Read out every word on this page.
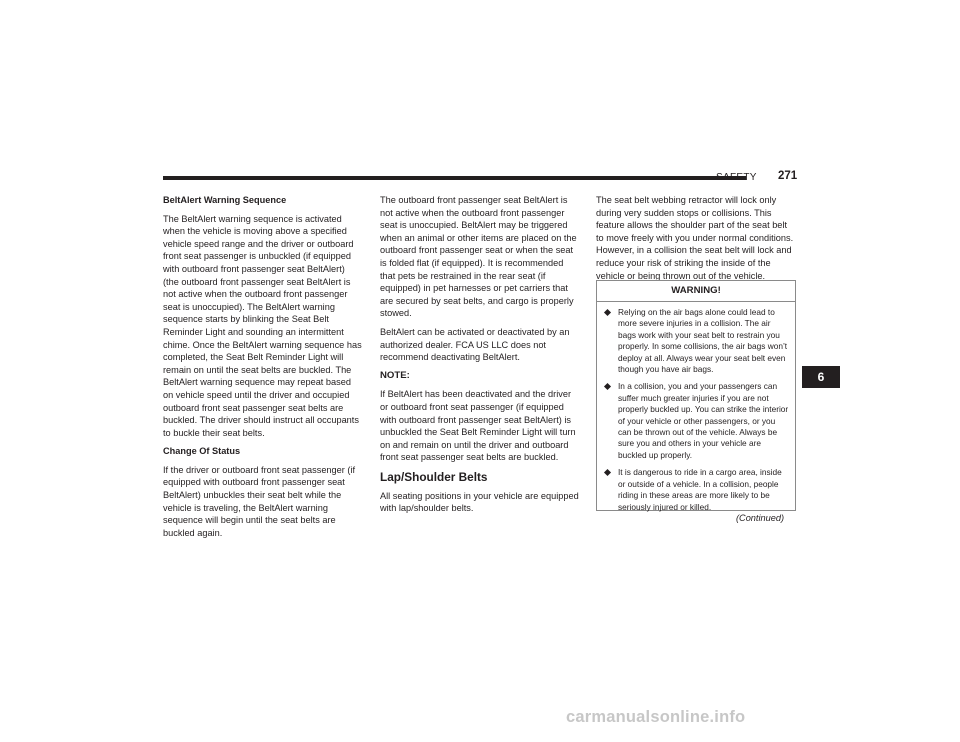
SAFETY 271

BeltAlert Warning Sequence

The BeltAlert warning sequence is activated when the vehicle is moving above a specified vehicle speed range and the driver or outboard front seat passenger is unbuckled (if equipped with outboard front passenger seat BeltAlert) (the outboard front passenger seat BeltAlert is not active when the outboard front passenger seat is unoccupied). The BeltAlert warning sequence starts by blinking the Seat Belt Reminder Light and sounding an intermittent chime. Once the BeltAlert warning sequence has completed, the Seat Belt Reminder Light will remain on until the seat belts are buckled. The BeltAlert warning sequence may repeat based on vehicle speed until the driver and occupied outboard front seat passenger seat belts are buckled. The driver should instruct all occupants to buckle their seat belts.

Change Of Status

If the driver or outboard front seat passenger (if equipped with outboard front passenger seat BeltAlert) unbuckles their seat belt while the vehicle is traveling, the BeltAlert warning sequence will begin until the seat belts are buckled again.

The outboard front passenger seat BeltAlert is not active when the outboard front passenger seat is unoccupied. BeltAlert may be triggered when an animal or other items are placed on the outboard front passenger seat or when the seat is folded flat (if equipped). It is recommended that pets be restrained in the rear seat (if equipped) in pet harnesses or pet carriers that are secured by seat belts, and cargo is properly stowed.

BeltAlert can be activated or deactivated by an authorized dealer. FCA US LLC does not recommend deactivating BeltAlert.

NOTE:

If BeltAlert has been deactivated and the driver or outboard front seat passenger (if equipped with outboard front passenger seat BeltAlert) is unbuckled the Seat Belt Reminder Light will turn on and remain on until the driver and outboard front seat passenger seat belts are buckled.

Lap/Shoulder Belts

All seating positions in your vehicle are equipped with lap/shoulder belts.

The seat belt webbing retractor will lock only during very sudden stops or collisions. This feature allows the shoulder part of the seat belt to move freely with you under normal conditions. However, in a collision the seat belt will lock and reduce your risk of striking the inside of the vehicle or being thrown out of the vehicle.

WARNING!
Relying on the air bags alone could lead to more severe injuries in a collision. The air bags work with your seat belt to restrain you properly. In some collisions, the air bags won’t deploy at all. Always wear your seat belt even though you have air bags.
In a collision, you and your passengers can suffer much greater injuries if you are not properly buckled up. You can strike the interior of your vehicle or other passengers, or you can be thrown out of the vehicle. Always be sure you and others in your vehicle are buckled up properly.
It is dangerous to ride in a cargo area, inside or outside of a vehicle. In a collision, people riding in these areas are more likely to be seriously injured or killed.
(Continued)
6
carmanualsonline.info
